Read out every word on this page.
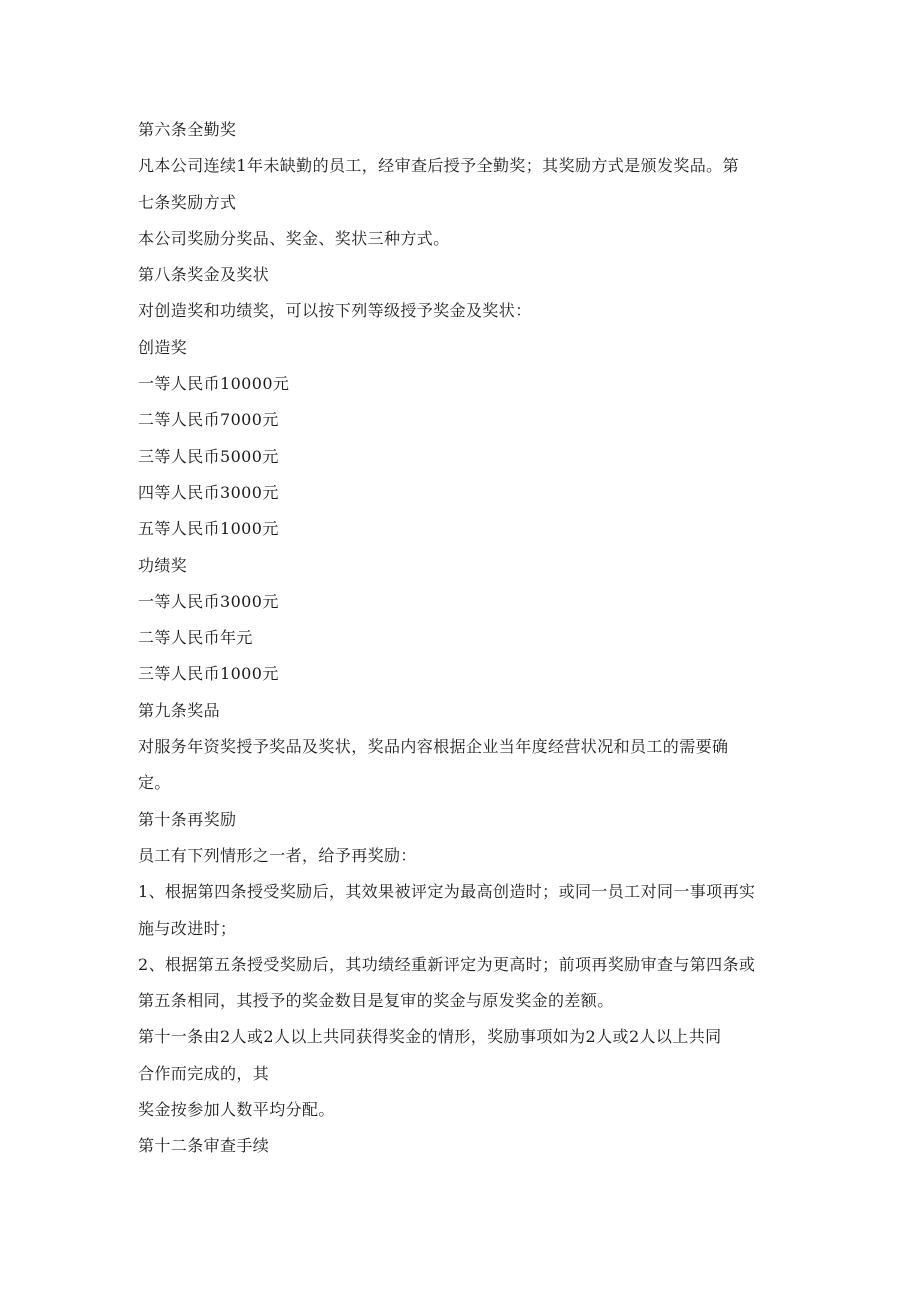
第六条全勤奖
凡本公司连续1年未缺勤的员工，经审查后授予全勤奖；其奖励方式是颁发奖品。第
七条奖励方式
本公司奖励分奖品、奖金、奖状三种方式。
第八条奖金及奖状
对创造奖和功绩奖，可以按下列等级授予奖金及奖状：
创造奖
一等人民币10000元
二等人民币7000元
三等人民币5000元
四等人民币3000元
五等人民币1000元
功绩奖
一等人民币3000元
二等人民币年元
三等人民币1000元
第九条奖品
对服务年资奖授予奖品及奖状，奖品内容根据企业当年度经营状况和员工的需要确
定。
第十条再奖励
员工有下列情形之一者，给予再奖励：
1、根据第四条授受奖励后，其效果被评定为最高创造时；或同一员工对同一事项再实
施与改进时；
2、根据第五条授受奖励后，其功绩经重新评定为更高时；前项再奖励审查与第四条或
第五条相同，其授予的奖金数目是复审的奖金与原发奖金的差额。
第十一条由2人或2人以上共同获得奖金的情形，奖励事项如为2人或2人以上共同
合作而完成的，其
奖金按参加人数平均分配。
第十二条审查手续
